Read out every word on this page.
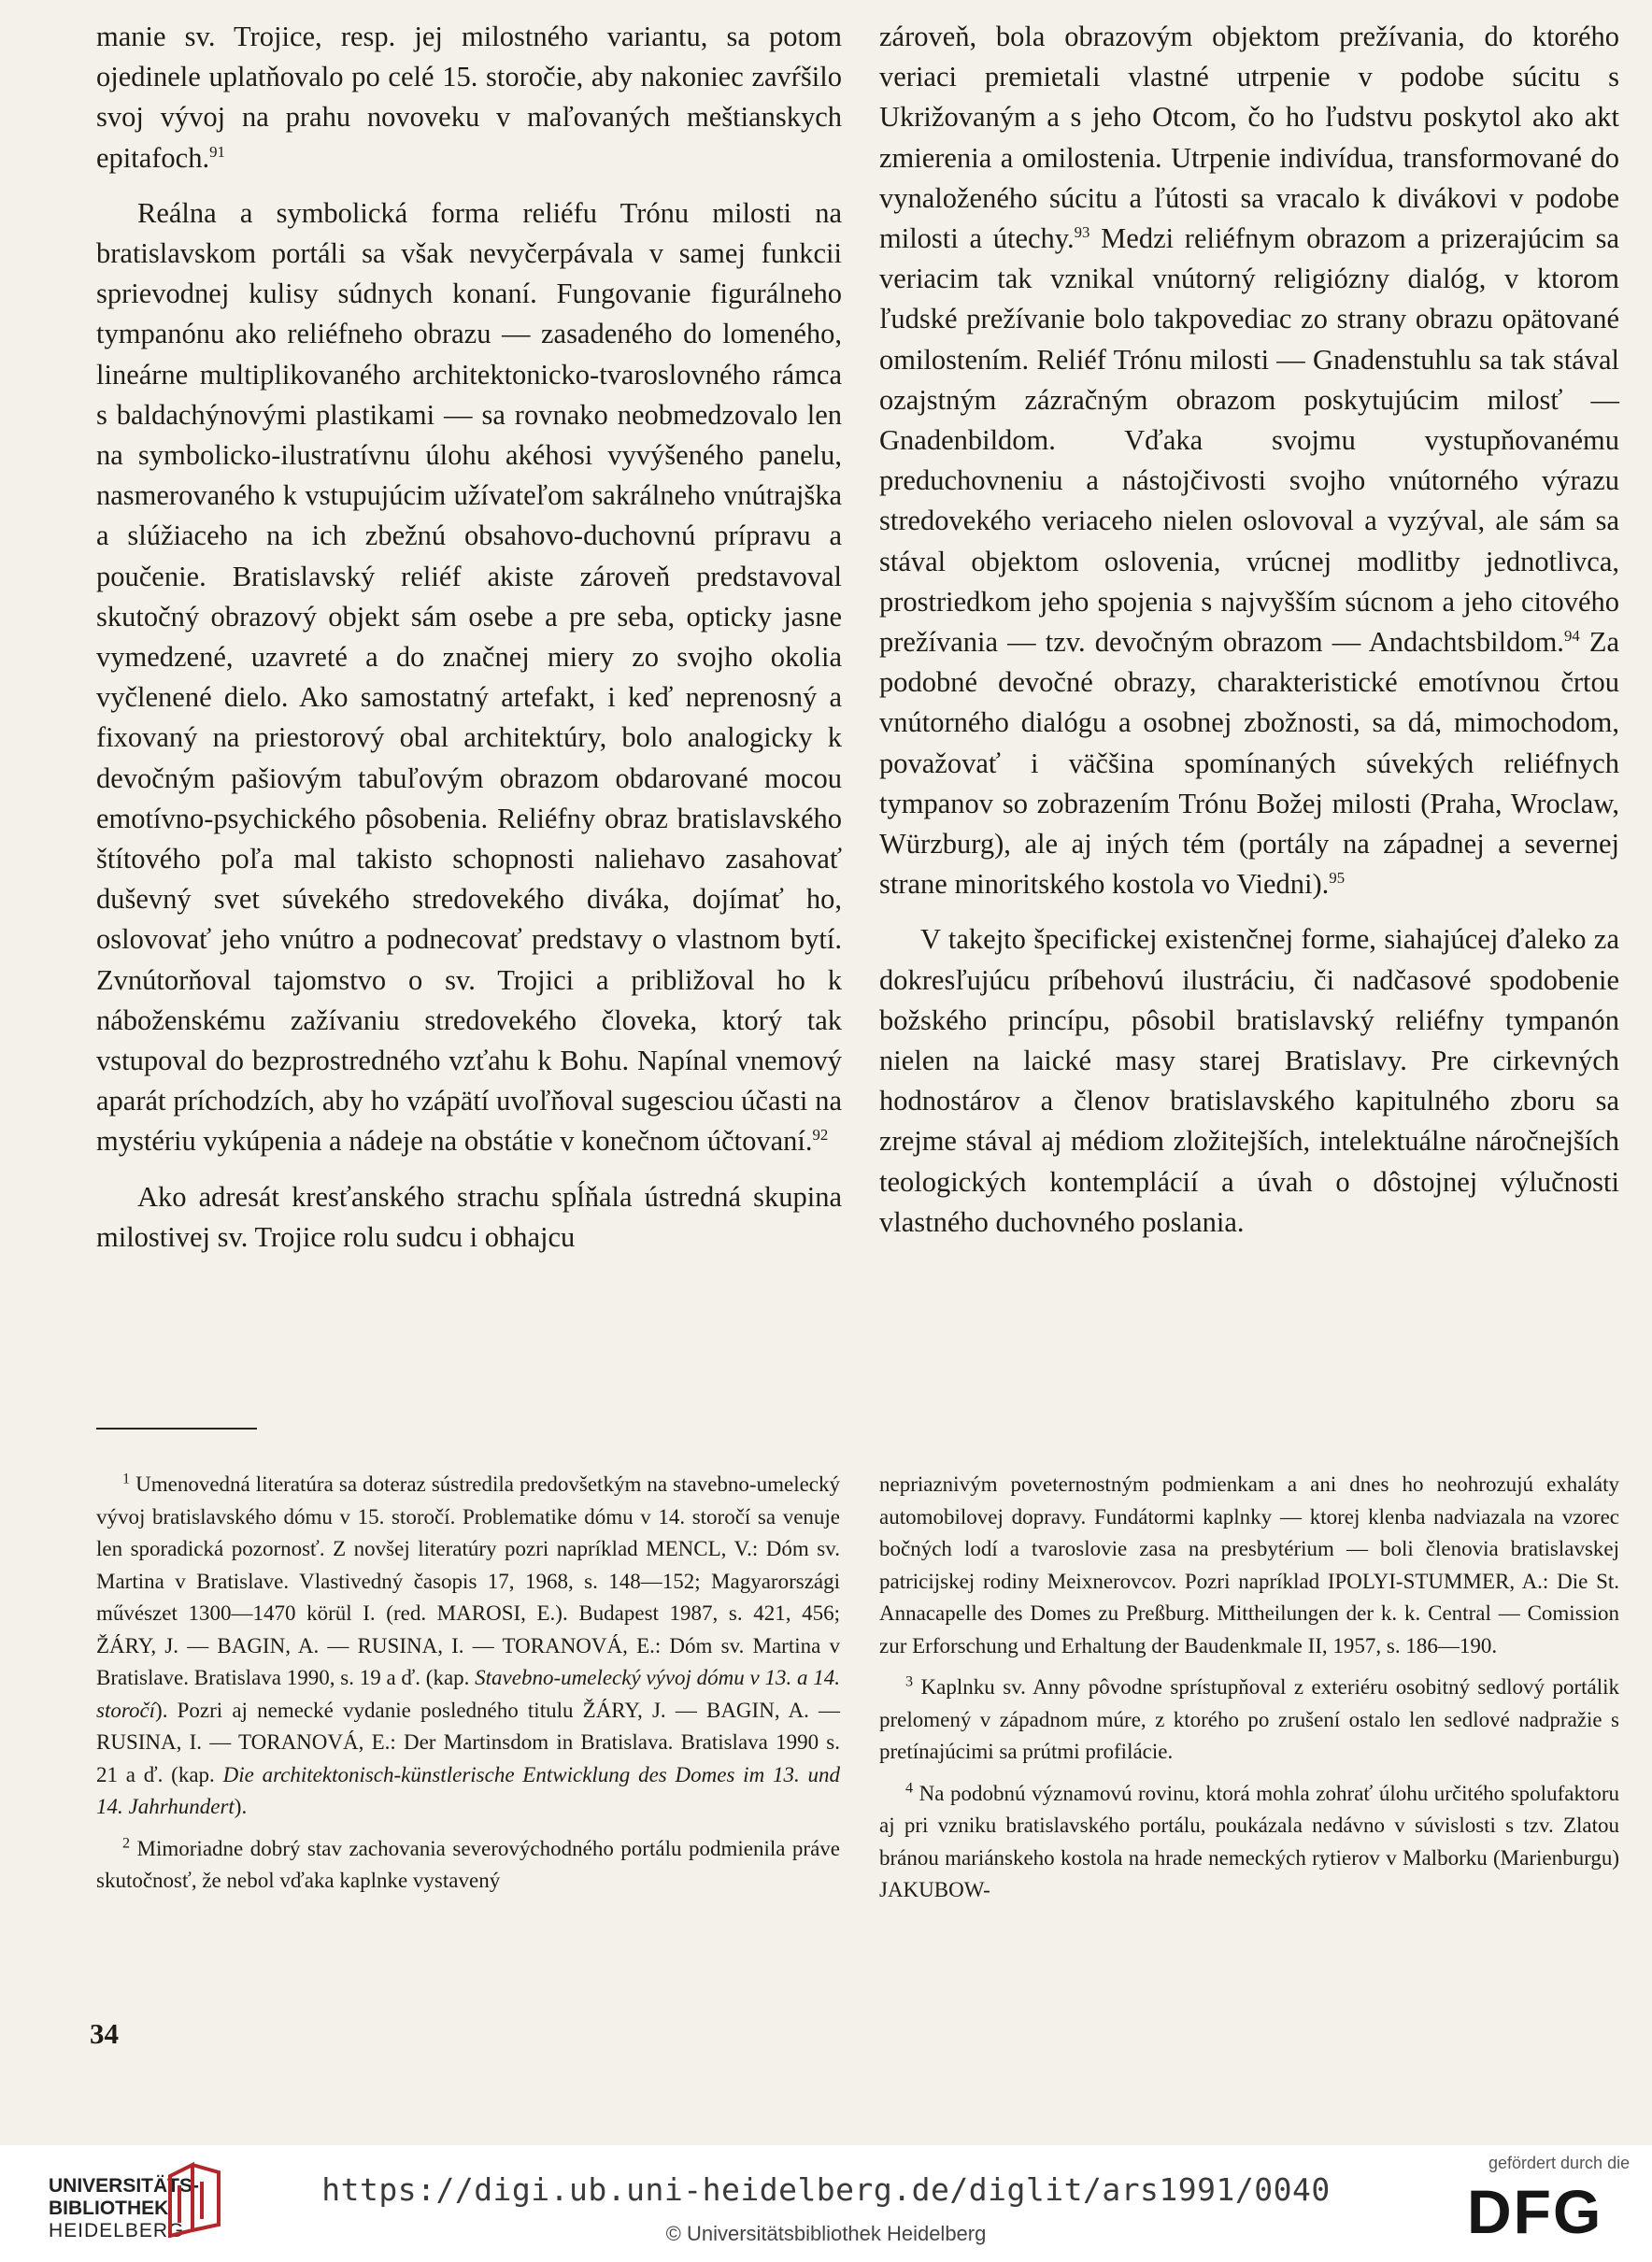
manie sv. Trojice, resp. jej milostného variantu, sa potom ojedinele uplatňovalo po celé 15. storočie, aby nakoniec zavŕšilo svoj vývoj na prahu novoveku v maľovaných meštianskych epitafoch.$^{91}$

Reálna a symbolická forma reliéfu Trónu milosti na bratislavskom portáli sa však nevyčerpávala v samej funkcii sprievodnej kulisy súdnych konaní. Fungovanie figurálneho tympanónu ako reliéfneho obrazu — zasadeného do lomeného, lineárne multiplikovaného architektonicko-tvaroslovného rámca s baldachýnovými plastikami — sa rovnako neobmedzovalo len na symbolicko-ilustratívnu úlohu akéhosi vyvýšeného panelu, nasmerovaného k vstupujúcim užívateľom sakrálneho vnútrajška a slúžiaceho na ich zbežnú obsahovo-duchovnú prípravu a poučenie. Bratislavský reliéf akiste zároveň predstavoval skutočný obrazový objekt sám osebe a pre seba, opticky jasne vymedzené, uzavreté a do značnej miery zo svojho okolia vyčlenené dielo. Ako samostatný artefakt, i keď neprenosný a fixovaný na priestorový obal architektúry, bolo analogicky k devočným pašiovým tabuľovým obrazom obdarované mocou emotívno-psychického pôsobenia. Reliéfny obraz bratislavského štítového poľa mal takisto schopnosti naliehavo zasahovať duševný svet súvekého stredovekého diváka, dojímať ho, oslovovať jeho vnútro a podnecovať predstavy o vlastnom bytí. Zvnútorňoval tajomstvo o sv. Trojici a približoval ho k náboženskému zažívaniu stredovekého človeka, ktorý tak vstupoval do bezprostredného vzťahu k Bohu. Napínal vnemový aparát príchodzích, aby ho vzápätí uvoľňoval sugesciou účasti na mystériu vykúpenia a nádeje na obstátie v konečnom účtovaní.$^{92}$

Ako adresát kresťanského strachu spĺňala ústredná skupina milostivej sv. Trojice rolu sudcu i obhajcu

zároveň, bola obrazovým objektom prežívania, do ktorého veriaci premietali vlastné utrpenie v podobe súcitu s Ukrižovaným a s jeho Otcom, čo ho ľudstvu poskytol ako akt zmierenia a omilostenia. Utrpenie indivídua, transformované do vynaloženého súcitu a ľútosti sa vracalo k divákovi v podobe milosti a útechy.$^{93}$ Medzi reliéfnym obrazom a prizerajúcim sa veriacim tak vznikal vnútorný religiózny dialóg, v ktorom ľudské prežívanie bolo takpovediac zo strany obrazu opätované omilostením. Reliéf Trónu milosti — Gnadenstuhlu sa tak stával ozajstným zázračným obrazom poskytujúcim milosť — Gnadenbildom. Vďaka svojmu vystupňovanému preduchovneniu a nástojčivosti svojho vnútorného výrazu stredovekého veriaceho nielen oslovoval a vyzýval, ale sám sa stával objektom oslovenia, vrúcnej modlitby jednotlivca, prostriedkom jeho spojenia s najvyšším súcnom a jeho citového prežívania — tzv. devočným obrazom — Andachtsbildom.$^{94}$ Za podobné devočné obrazy, charakteristické emotívnou črtou vnútorného dialógu a osobnej zbožnosti, sa dá, mimochodom, považovať i väčšina spomínaných súvekých reliéfnych tympanov so zobrazením Trónu Božej milosti (Praha, Wroclaw, Würzburg), ale aj iných tém (portály na západnej a severnej strane minoritského kostola vo Viedni).$^{95}$

V takejto špecifickej existenčnej forme, siahajúcej ďaleko za dokresľujúcu príbehovú ilustráciu, či nadčasové spodobenie božského princípu, pôsobil bratislavský reliéfny tympanón nielen na laické masy starej Bratislavy. Pre cirkevných hodnostárov a členov bratislavského kapitulného zboru sa zrejme stával aj médiom zložitejších, intelektuálne náročnejších teologických kontemplácií a úvah o dôstojnej výlučnosti vlastného duchovného poslania.

$^1$ Umenovedná literatúra sa doteraz sústredila predovšetkým na stavebno-umelecký vývoj bratislavského dómu v 15. storočí. Problematike dómu v 14. storočí sa venuje len sporadická pozornosť. Z novšej literatúry pozri napríklad MENCL, V.: Dóm sv. Martina v Bratislave. Vlastivedný časopis 17, 1968, s. 148—152; Magyarországi művészet 1300—1470 körül I. (red. MAROSI, E.). Budapest 1987, s. 421, 456; ŽÁRY, J. — BAGIN, A. — RUSINA, I. — TORANOVÁ, E.: Dóm sv. Martina v Bratislave. Bratislava 1990, s. 19 a ď. (kap. Stavebno-umelecký vývoj dómu v 13. a 14. storočí). Pozri aj nemecké vydanie posledného titulu ŽÁRY, J. — BAGIN, A. — RUSINA, I. — TORANOVÁ, E.: Der Martinsdom in Bratislava. Bratislava 1990 s. 21 a ď. (kap. Die architektonisch-künstlerische Entwicklung des Domes im 13. und 14. Jahrhundert).

$^2$ Mimoriadne dobrý stav zachovania severovýchodného portálu podmienila práve skutočnosť, že nebol vďaka kaplnke vystavený

nepriaznivým poveternostným podmienkam a ani dnes ho neohrozujú exhaláty automobilovej dopravy. Fundátormi kaplnky — ktorej klenba nadviazala na vzorec bočných lodí a tvaroslovie zasa na presbytérium — boli členovia bratislavskej patricijskej rodiny Meixnerovcov. Pozri napríklad IPOLYI-STUMMER, A.: Die St. Annacapelle des Domes zu Preßburg. Mittheilungen der k. k. Central — Comission zur Erforschung und Erhaltung der Baudenkmale II, 1957, s. 186—190.

$^3$ Kaplnku sv. Anny pôvodne sprístupňoval z exteriéru osobitný sedlový portálik prelomený v západnom múre, z ktorého po zrušení ostalo len sedlové nadpražie s pretínajúcimi sa prútmi profilácie.

$^4$ Na podobnú významovú rovinu, ktorá mohla zohrať úlohu určitého spolufaktoru aj pri vzniku bratislavského portálu, poukázala nedávno v súvislosti s tzv. Zlatou bránou mariánskeho kostola na hrade nemeckých rytierov v Malborku (Marienburgu) JAKUBOW-

34
UNIVERSITÄTS-
BIBLIOTHEK
HEIDELBERG
https://digi.ub.uni-heidelberg.de/diglit/ars1991/0040
© Universitätsbibliothek Heidelberg
gefördert durch die
DFG
